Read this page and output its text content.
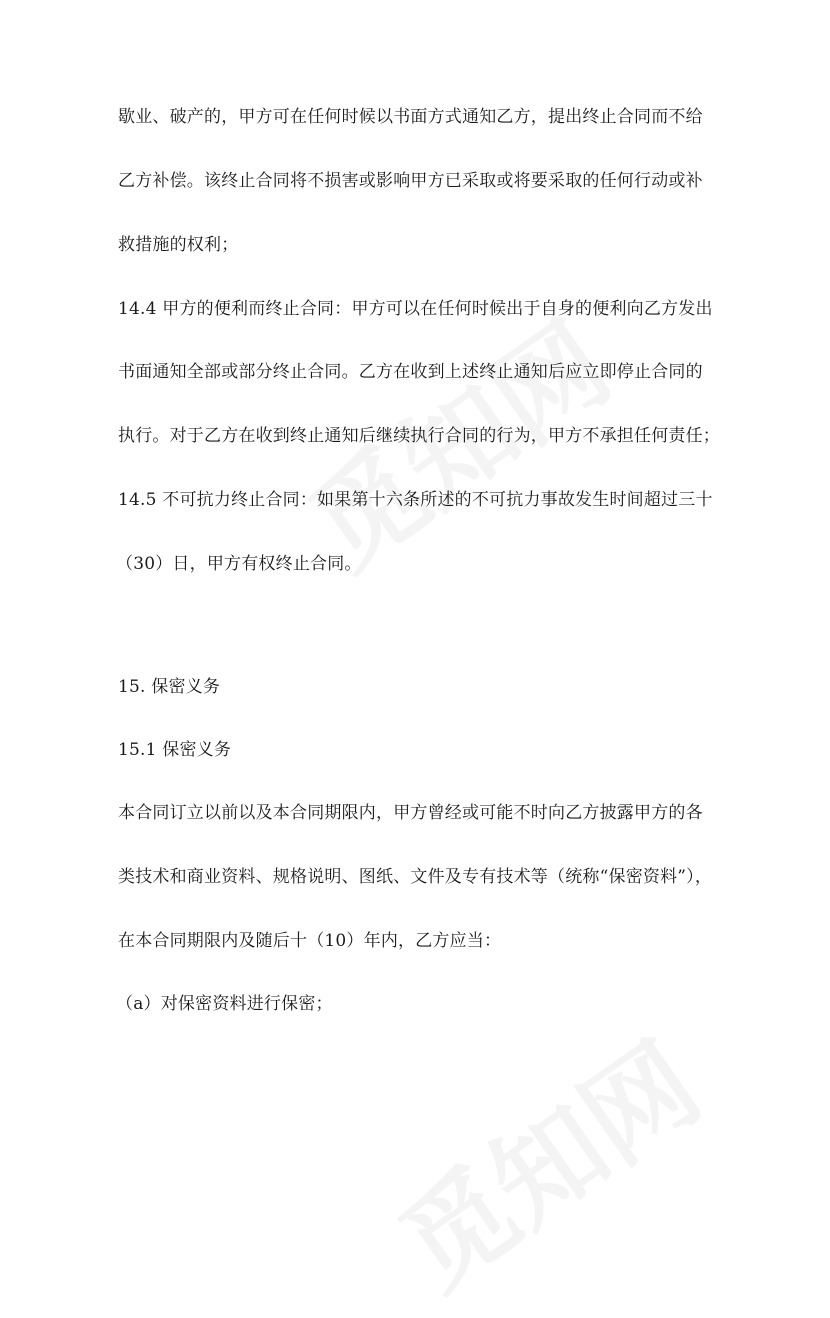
歇业、破产的，甲方可在任何时候以书面方式通知乙方，提出终止合同而不给
乙方补偿。该终止合同将不损害或影响甲方已采取或将要采取的任何行动或补
救措施的权利；
14.4 甲方的便利而终止合同：甲方可以在任何时候出于自身的便利向乙方发出
书面通知全部或部分终止合同。乙方在收到上述终止通知后应立即停止合同的
执行。对于乙方在收到终止通知后继续执行合同的行为，甲方不承担任何责任；
14.5 不可抗力终止合同：如果第十六条所述的不可抗力事故发生时间超过三十
（30）日，甲方有权终止合同。
15. 保密义务
15.1 保密义务
本合同订立以前以及本合同期限内，甲方曾经或可能不时向乙方披露甲方的各
类技术和商业资料、规格说明、图纸、文件及专有技术等（统称“保密资料”），
在本合同期限内及随后十（10）年内，乙方应当：
（a）对保密资料进行保密；
